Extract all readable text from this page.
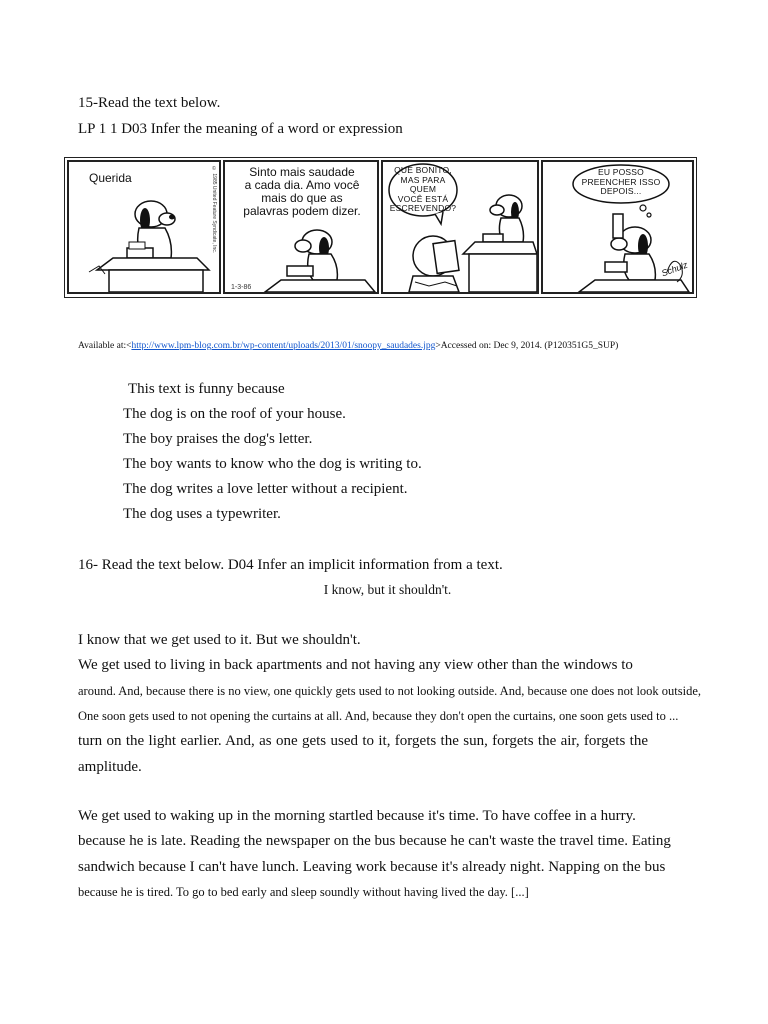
15-Read the text below.
LP 1 1 D03 Infer the meaning of a word or expression
Querida	© 1985 United Feature Syndicate, Inc.	Sinto mais saudade
a cada dia. Amo você
mais do que as
palavras podem dizer.
1-3-86
QUE BONITO,
MAS PARA
QUEM
VOCÊ ESTÁ
ESCREVENDO?
EU POSSO
PREENCHER ISSO
DEPOIS...
Schulz
Available at:<http://www.lpm-blog.com.br/wp-content/uploads/2013/01/snoopy_saudades.jpg>Accessed on: Dec 9, 2014. (P120351G5_SUP)
This text is funny because
The dog is on the roof of your house.
The boy praises the dog's letter.
The boy wants to know who the dog is writing to.
The dog writes a love letter without a recipient.
The dog uses a typewriter.
16- Read the text below. D04 Infer an implicit information from a text.
I know, but it shouldn't.
I know that we get used to it. But we shouldn't.
We get used to living in back apartments and not having any view other than the windows to
around. And, because there is no view, one quickly gets used to not looking outside. And, because one does not look outside,
One soon gets used to not opening the curtains at all. And, because they don't open the curtains, one soon gets used to ...
turn on the light earlier. And, as one gets used to it, forgets the sun, forgets the air, forgets the
amplitude.
We get used to waking up in the morning startled because it's time. To have coffee in a hurry.
because he is late. Reading the newspaper on the bus because he can't waste the travel time. Eating
sandwich because I can't have lunch. Leaving work because it's already night. Napping on the bus
because he is tired. To go to bed early and sleep soundly without having lived the day. [...]
